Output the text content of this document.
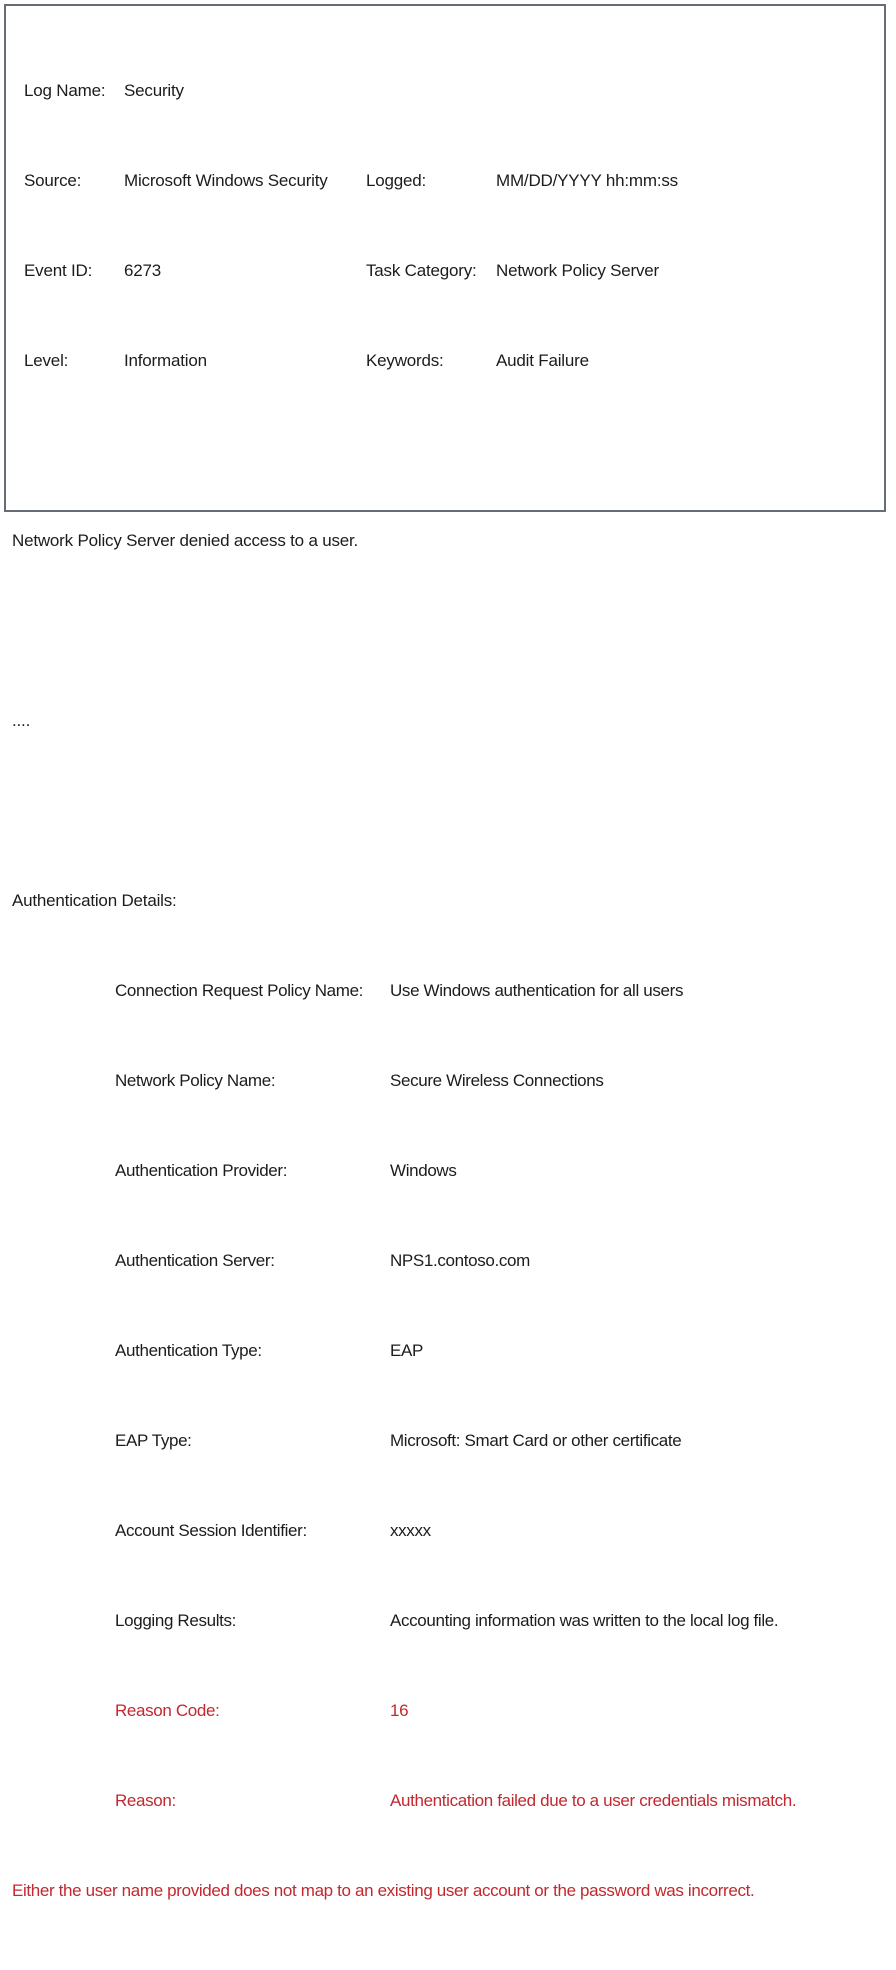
Log Name:	Security

Source:	Microsoft Windows Security	Logged:	MM/DD/YYYY hh:mm:ss

Event ID:	6273	Task Category:	Network Policy Server

Level:	Information	Keywords:	Audit Failure

Network Policy Server denied access to a user.

....

Authentication Details:

Connection Request Policy Name:	Use Windows authentication for all users

Network Policy Name:	Secure Wireless Connections

Authentication Provider:	Windows

Authentication Server:	NPS1.contoso.com

Authentication Type:	EAP

EAP Type:	Microsoft: Smart Card or other certificate

Account Session Identifier:	xxxxx

Logging Results:	Accounting information was written to the local log file.

Reason Code:	16

Reason:	Authentication failed due to a user credentials mismatch.

Either the user name provided does not map to an existing user account or the password was incorrect.
